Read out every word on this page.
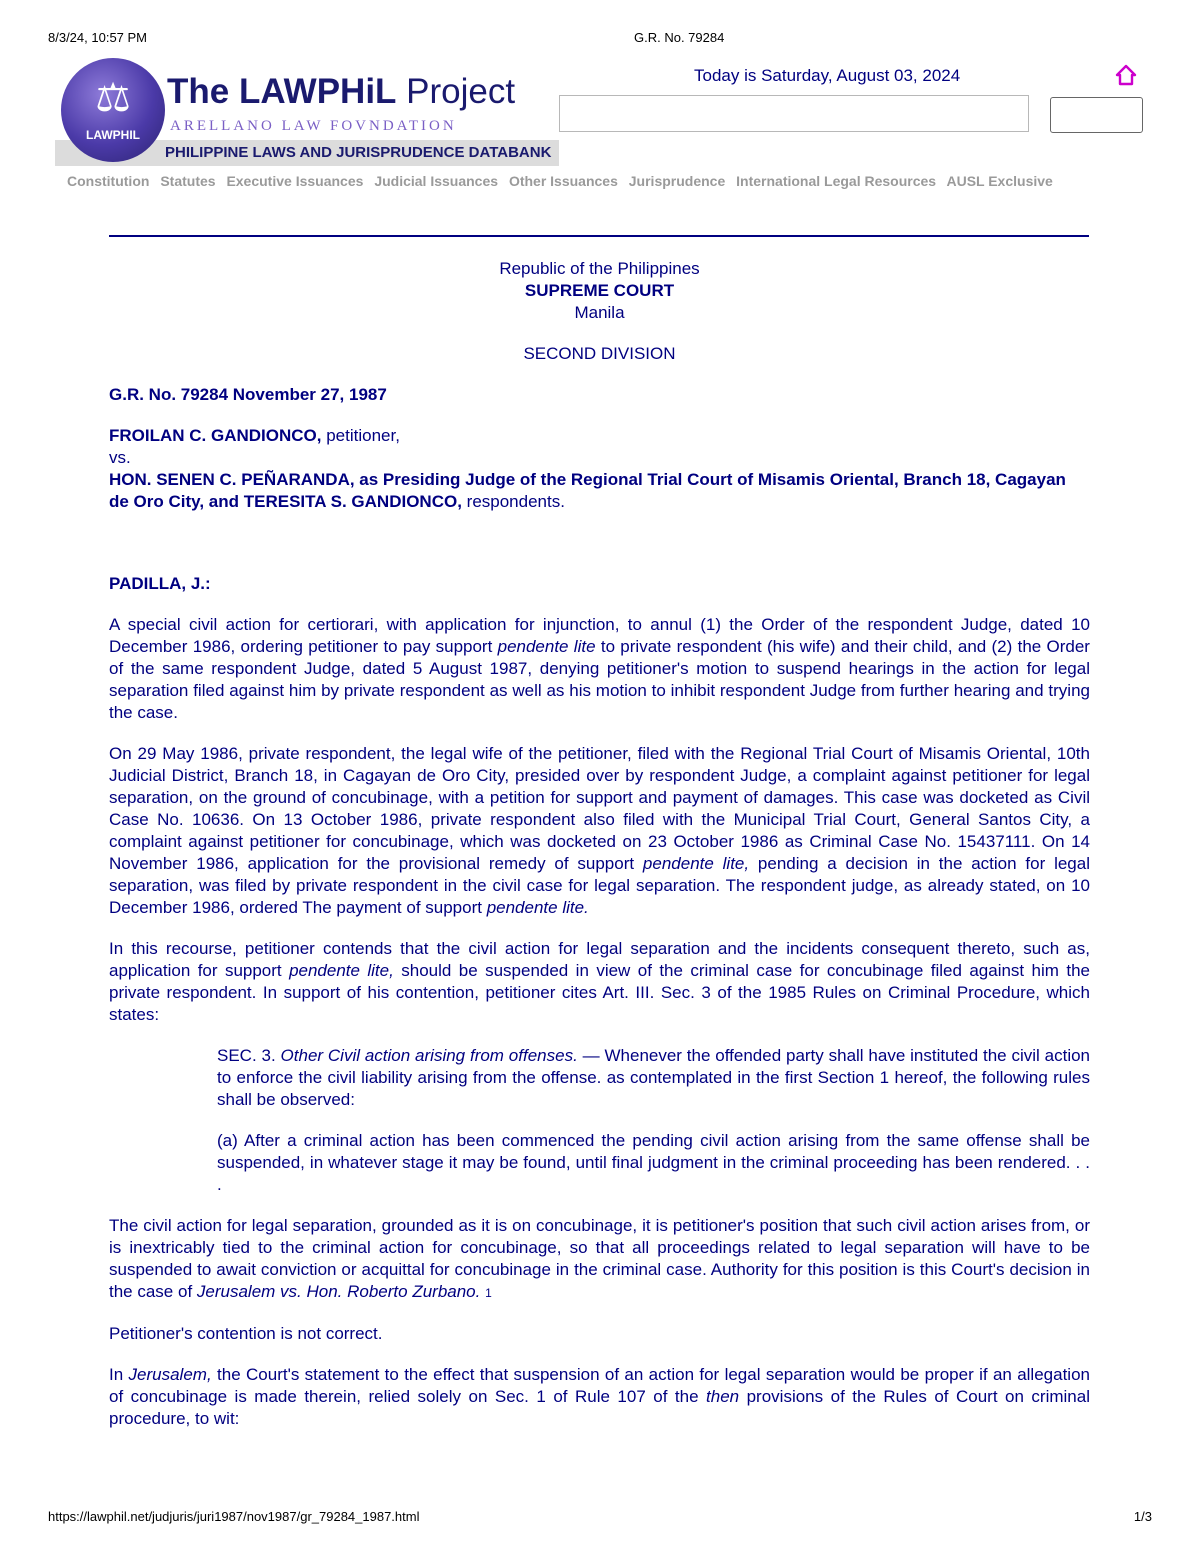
8/3/24, 10:57 PM	G.R. No. 79284
PHILIPPINE LAWS AND JURISPRUDENCE DATABANK
⚖
LAWPHIL
The LAWPHiL Project
ARELLANO LAW FOVNDATION
Today is Saturday, August 03, 2024
Constitution Statutes Executive Issuances Judicial Issuances Other Issuances Jurisprudence International Legal Resources AUSL Exclusive
Republic of the Philippines
SUPREME COURT
Manila
SECOND DIVISION

G.R. No. 79284 November 27, 1987

FROILAN C. GANDIONCO, petitioner,
vs.
HON. SENEN C. PEÑARANDA, as Presiding Judge of the Regional Trial Court of Misamis Oriental, Branch 18, Cagayan de Oro City, and TERESITA S. GANDIONCO, respondents.

PADILLA, J.:

A special civil action for certiorari, with application for injunction, to annul (1) the Order of the respondent Judge, dated 10 December 1986, ordering petitioner to pay support pendente lite to private respondent (his wife) and their child, and (2) the Order of the same respondent Judge, dated 5 August 1987, denying petitioner's motion to suspend hearings in the action for legal separation filed against him by private respondent as well as his motion to inhibit respondent Judge from further hearing and trying the case.

On 29 May 1986, private respondent, the legal wife of the petitioner, filed with the Regional Trial Court of Misamis Oriental, 10th Judicial District, Branch 18, in Cagayan de Oro City, presided over by respondent Judge, a complaint against petitioner for legal separation, on the ground of concubinage, with a petition for support and payment of damages. This case was docketed as Civil Case No. 10636. On 13 October 1986, private respondent also filed with the Municipal Trial Court, General Santos City, a complaint against petitioner for concubinage, which was docketed on 23 October 1986 as Criminal Case No. 15437111. On 14 November 1986, application for the provisional remedy of support pendente lite, pending a decision in the action for legal separation, was filed by private respondent in the civil case for legal separation. The respondent judge, as already stated, on 10 December 1986, ordered The payment of support pendente lite.

In this recourse, petitioner contends that the civil action for legal separation and the incidents consequent thereto, such as, application for support pendente lite, should be suspended in view of the criminal case for concubinage filed against him the private respondent. In support of his contention, petitioner cites Art. III. Sec. 3 of the 1985 Rules on Criminal Procedure, which states:

SEC. 3. Other Civil action arising from offenses. — Whenever the offended party shall have instituted the civil action to enforce the civil liability arising from the offense. as contemplated in the first Section 1 hereof, the following rules shall be observed:
(a) After a criminal action has been commenced the pending civil action arising from the same offense shall be suspended, in whatever stage it may be found, until final judgment in the criminal proceeding has been rendered. . . .

The civil action for legal separation, grounded as it is on concubinage, it is petitioner's position that such civil action arises from, or is inextricably tied to the criminal action for concubinage, so that all proceedings related to legal separation will have to be suspended to await conviction or acquittal for concubinage in the criminal case. Authority for this position is this Court's decision in the case of Jerusalem vs. Hon. Roberto Zurbano. 1

Petitioner's contention is not correct.

In Jerusalem, the Court's statement to the effect that suspension of an action for legal separation would be proper if an allegation of concubinage is made therein, relied solely on Sec. 1 of Rule 107 of the then provisions of the Rules of Court on criminal procedure, to wit:

https://lawphil.net/judjuris/juri1987/nov1987/gr_79284_1987.html	1/3
